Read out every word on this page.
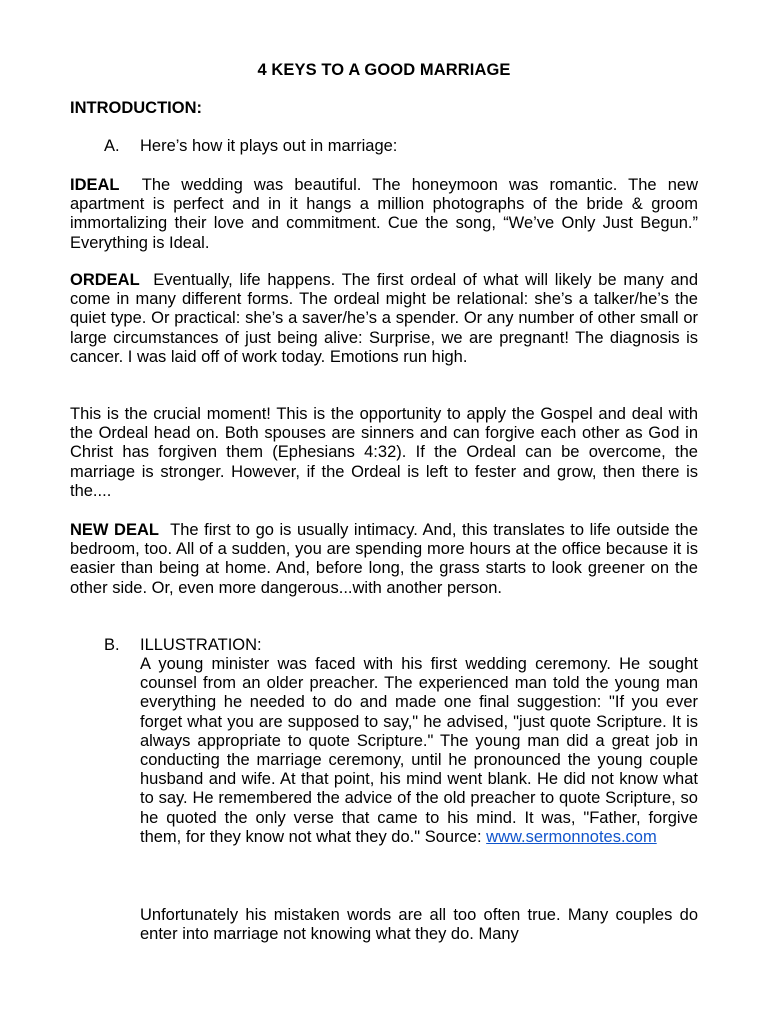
4 KEYS TO A GOOD MARRIAGE
INTRODUCTION:

A. Here’s how it plays out in marriage:

IDEAL The wedding was beautiful. The honeymoon was romantic. The new apartment is perfect and in it hangs a million photographs of the bride & groom immortalizing their love and commitment. Cue the song, “We’ve Only Just Begun.” Everything is Ideal.

ORDEAL Eventually, life happens. The first ordeal of what will likely be many and come in many different forms. The ordeal might be relational: she’s a talker/he’s the quiet type. Or practical: she’s a saver/he’s a spender. Or any number of other small or large circumstances of just being alive: Surprise, we are pregnant! The diagnosis is cancer. I was laid off of work today. Emotions run high.

This is the crucial moment! This is the opportunity to apply the Gospel and deal with the Ordeal head on. Both spouses are sinners and can forgive each other as God in Christ has forgiven them (Ephesians 4:32). If the Ordeal can be overcome, the marriage is stronger. However, if the Ordeal is left to fester and grow, then there is the....

NEW DEAL The first to go is usually intimacy. And, this translates to life outside the bedroom, too. All of a sudden, you are spending more hours at the office because it is easier than being at home. And, before long, the grass starts to look greener on the other side. Or, even more dangerous...with another person.

B. ILLUSTRATION:

A young minister was faced with his first wedding ceremony. He sought counsel from an older preacher. The experienced man told the young man everything he needed to do and made one final suggestion: "If you ever forget what you are supposed to say," he advised, "just quote Scripture. It is always appropriate to quote Scripture." The young man did a great job in conducting the marriage ceremony, until he pronounced the young couple husband and wife. At that point, his mind went blank. He did not know what to say. He remembered the advice of the old preacher to quote Scripture, so he quoted the only verse that came to his mind. It was, "Father, forgive them, for they know not what they do." Source: www.sermonnotes.com

Unfortunately his mistaken words are all too often true. Many couples do enter into marriage not knowing what they do. Many
